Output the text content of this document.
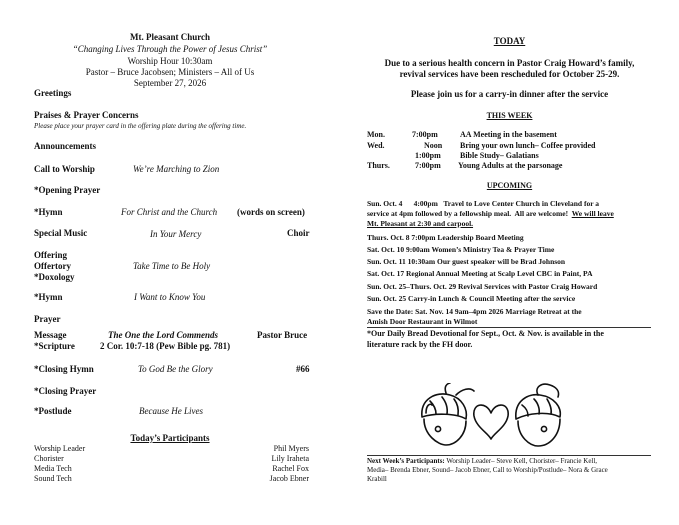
Mt. Pleasant Church
“Changing Lives Through the Power of Jesus Christ”
Worship Hour 10:30am
Pastor – Bruce Jacobsen; Ministers – All of Us
September 27, 2026
Greetings
Praises & Prayer Concerns
Please place your prayer card in the offering plate during the offering time.
Announcements
Call to Worship	We’re Marching to Zion
*Opening Prayer
*Hymn	For Christ and the Church (words on screen)
Special Music	In Your Mercy	Choir
Offering
Offertory	Take Time to Be Holy
*Doxology
*Hymn	I Want to Know You
Prayer
Message	The One the Lord Commends	Pastor Bruce
*Scripture	2 Cor. 10:7-18 (Pew Bible pg. 781)
*Closing Hymn	To God Be the Glory	#66
*Closing Prayer
*Postlude	Because He Lives
Today’s Participants
Worship Leader	Phil Myers
Chorister	Lily Iraheta
Media Tech	Rachel Fox
Sound Tech	Jacob Ebner
TODAY
Due to a serious health concern in Pastor Craig Howard’s family,
revival services have been rescheduled for October 25-29.
Please join us for a carry-in dinner after the service
THIS WEEK
Mon.	7:00pm	AA Meeting in the basement
Wed.	Noon Bring your own lunch– Coffee provided
1:00pm Bible Study– Galatians
Thurs.	7:00pm Young Adults at the parsonage
UPCOMING
Sun. Oct. 4      4:00pm   Travel to Love Center Church in Cleveland for a
service at 4pm followed by a fellowship meal.  All are welcome!  We will leave
Mt. Pleasant at 2:30 and carpool.
Thurs. Oct. 8 7:00pm Leadership Board Meeting
Sat. Oct. 10 9:00am Women’s Ministry Tea & Prayer Time
Sun. Oct. 11 10:30am Our guest speaker will be Brad Johnson
Sat. Oct. 17 Regional Annual Meeting at Scalp Level CBC in Paint, PA
Sun. Oct. 25–Thurs. Oct. 29 Revival Services with Pastor Craig Howard
Sun. Oct. 25 Carry-in Lunch & Council Meeting after the service
Save the Date: Sat. Nov. 14 9am–4pm 2026 Marriage Retreat at the
Amish Door Restaurant in Wilmot
*Our Daily Bread Devotional for Sept., Oct. & Nov. is available in the
literature rack by the FH door.
Next Week’s Participants: Worship Leader– Steve Kell, Chorister– Francie Kell,
Media– Brenda Ebner, Sound– Jacob Ebner, Call to Worship/Postlude– Nora & Grace
Krabill
